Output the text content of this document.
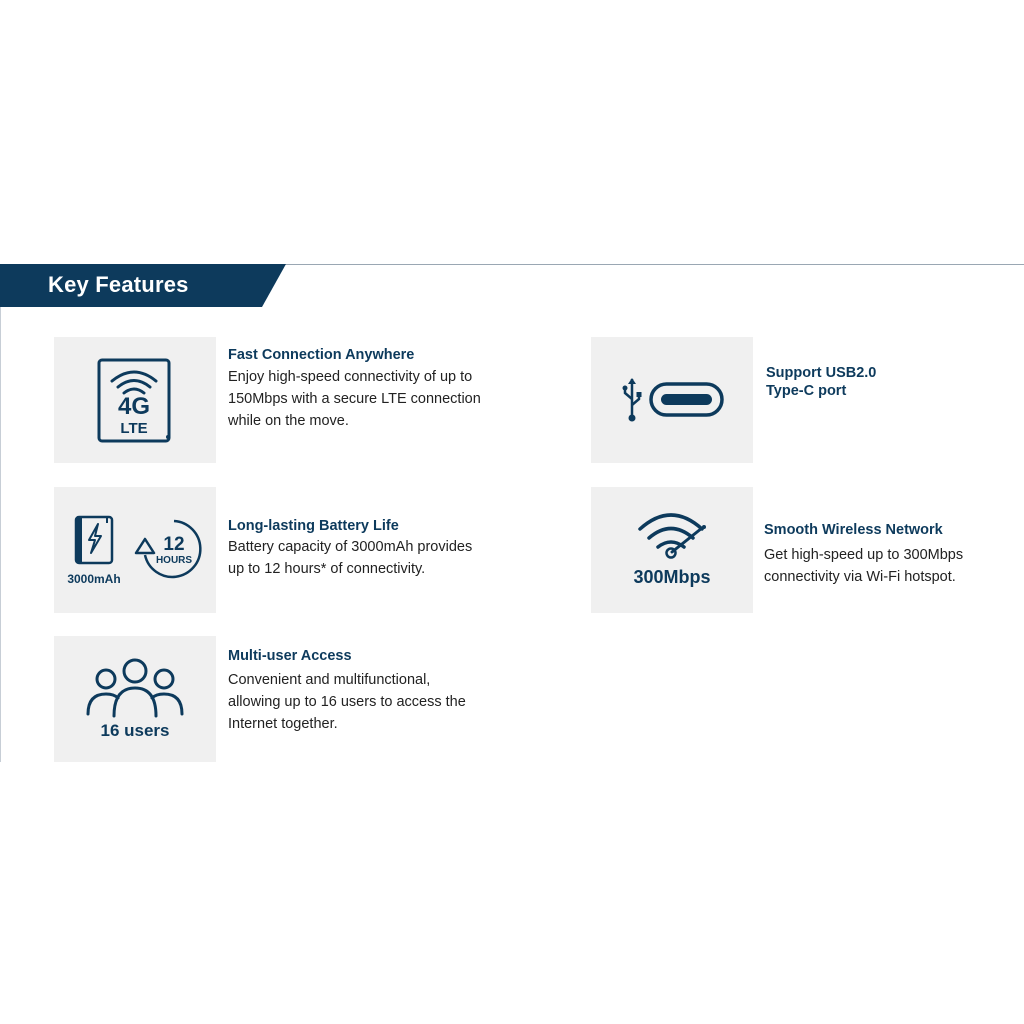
Key Features
4G
LTE
Fast Connection Anywhere
Enjoy high-speed connectivity of up to
150Mbps with a secure LTE connection
while on the move.
Support USB2.0
Type-C port
3000mAh
12
HOURS
Long-lasting Battery Life
Battery capacity of 3000mAh provides
up to 12 hours* of connectivity.	300Mbps
Smooth Wireless Network
Get high-speed up to 300Mbps
connectivity via Wi-Fi hotspot.
16 users
Multi-user Access
Convenient and multifunctional,
allowing up to 16 users to access the
Internet together.
